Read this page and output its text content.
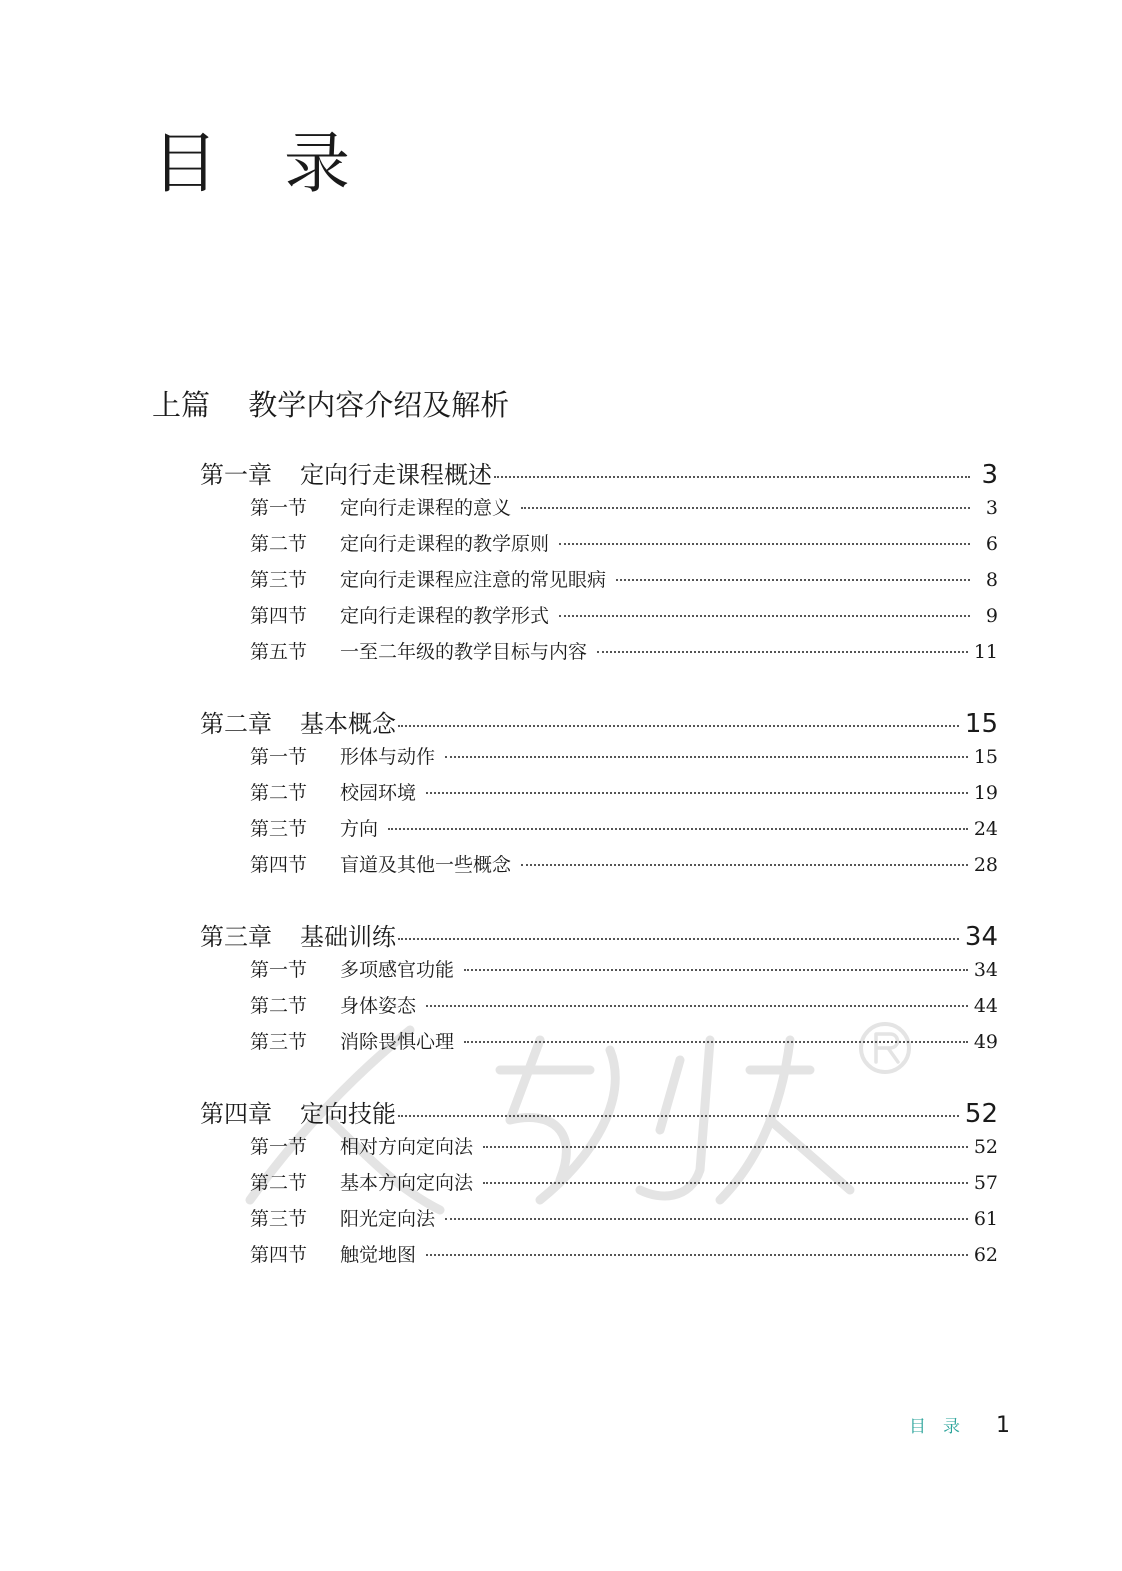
目　录
上篇　 教学内容介绍及解析
第一章 定向行走课程概述	3
第一节	定向行走课程的意义	3
第二节	定向行走课程的教学原则	6
第三节	定向行走课程应注意的常见眼病	8
第四节	定向行走课程的教学形式	9
第五节	一至二年级的教学目标与内容	11
第二章 基本概念	15
第一节	形体与动作	15
第二节	校园环境	19
第三节	方向	24
第四节	盲道及其他一些概念	28
第三章 基础训练	34
第一节	多项感官功能	34
第二节	身体姿态	44
第三节	消除畏惧心理	49
第四章 定向技能	52
第一节	相对方向定向法	52
第二节	基本方向定向法	57
第三节	阳光定向法	61
第四节	触觉地图	62
目　录 1
